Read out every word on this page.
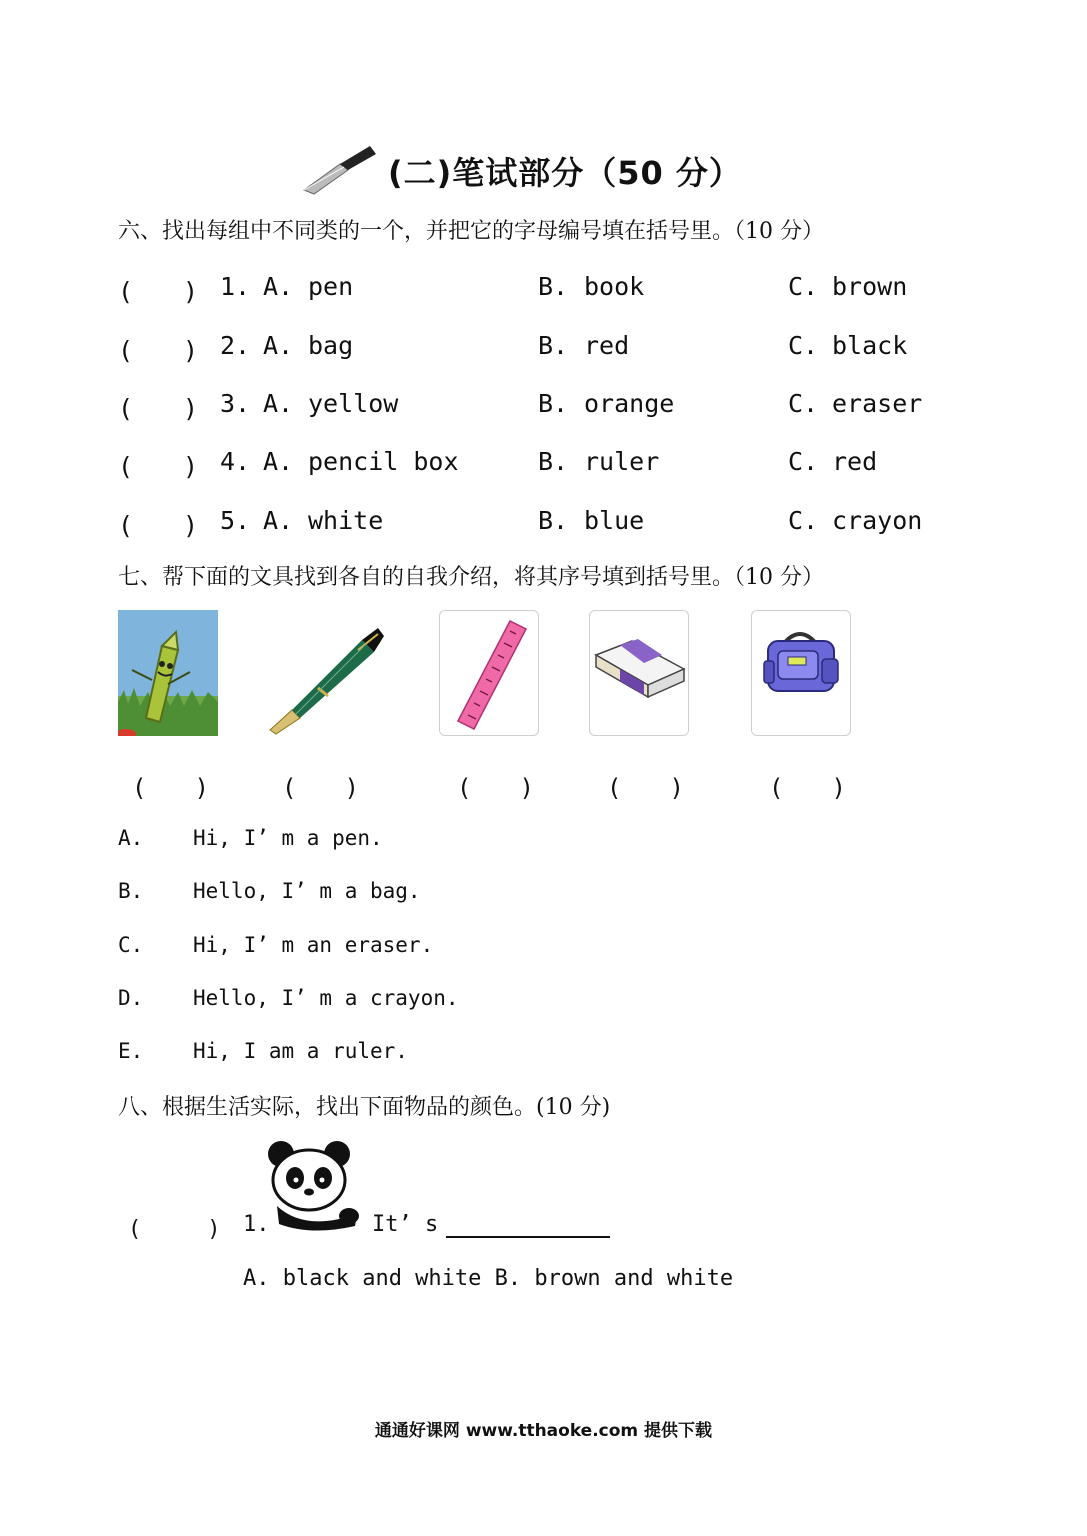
(二)笔试部分（50 分）
六、找出每组中不同类的一个，并把它的字母编号填在括号里。（10 分）
(　　) 1. A. pen	B. book	C. brown
(　　) 2. A. bag	B. red	C. black
(　　) 3. A. yellow	B. orange	C. eraser
(　　) 4. A. pencil box	B. ruler	C. red
(　　) 5. A. white	B. blue	C. crayon
七、帮下面的文具找到各自的自我介绍，将其序号填到括号里。（10 分）
(　　)	(　　)	(　　)	(　　)	(　　)
A. Hi, I’ m a pen.
B. Hello, I’ m a bag.
C. Hi, I’ m an eraser.
D. Hello, I’ m a crayon.
E. Hi, I am a ruler.
八、根据生活实际，找出下面物品的颜色。(10 分)
(　　　) 1.	It’ s
A. black and white B. brown and white
通通好课网 www.tthaoke.com 提供下载
